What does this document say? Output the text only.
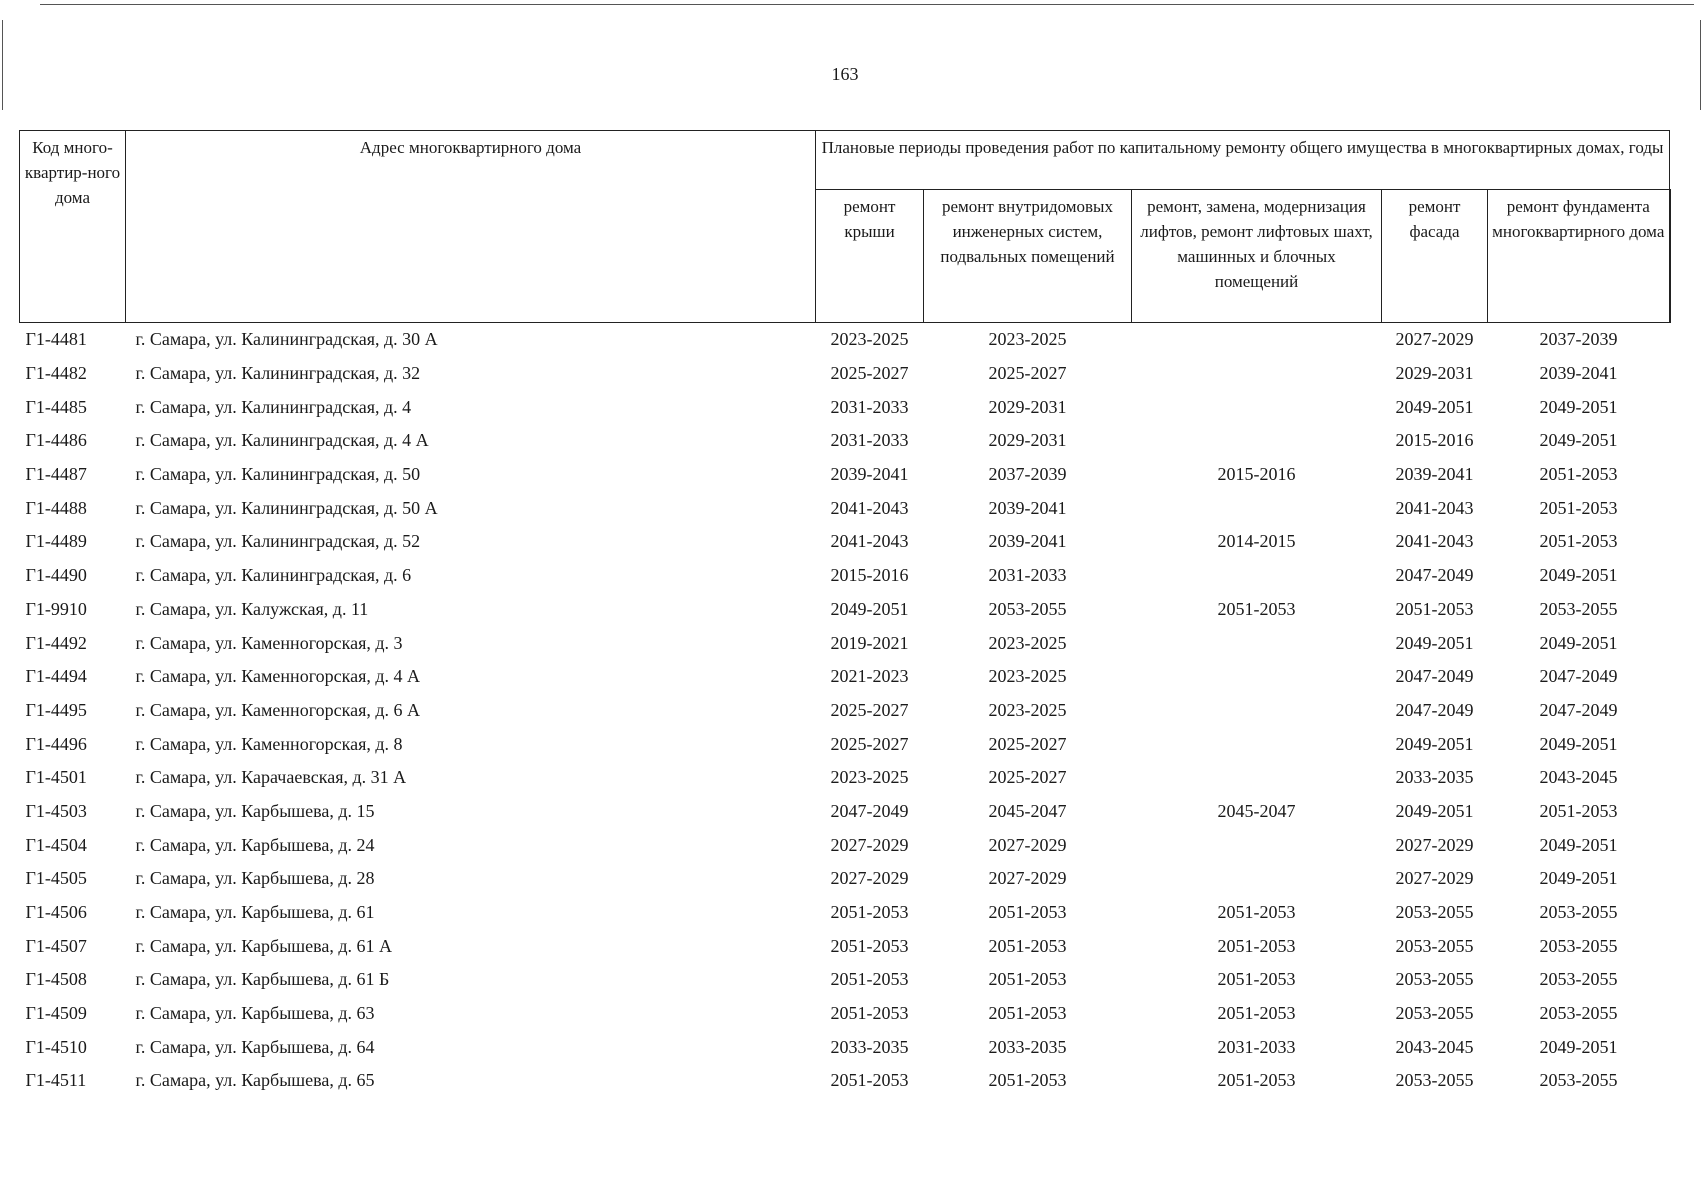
163
Код много-квартир-ного дома	Адрес многоквартирного дома	Плановые периоды проведения работ по капитальному ремонту общего имущества в многоквартирных домах, годы				
		ремонт крыши	ремонт внутридомовых инженерных систем, подвальных помещений	ремонт, замена, модернизация лифтов, ремонт лифтовых шахт, машинных и блочных помещений	ремонт фасада	ремонт фундамента многоквартирного дома
Г1-4481	г. Самара, ул. Калининградская, д. 30 А	2023-2025	2023-2025		2027-2029	2037-2039
Г1-4482	г. Самара, ул. Калининградская, д. 32	2025-2027	2025-2027		2029-2031	2039-2041
Г1-4485	г. Самара, ул. Калининградская, д. 4	2031-2033	2029-2031		2049-2051	2049-2051
Г1-4486	г. Самара, ул. Калининградская, д. 4 А	2031-2033	2029-2031		2015-2016	2049-2051
Г1-4487	г. Самара, ул. Калининградская, д. 50	2039-2041	2037-2039	2015-2016	2039-2041	2051-2053
Г1-4488	г. Самара, ул. Калининградская, д. 50 А	2041-2043	2039-2041		2041-2043	2051-2053
Г1-4489	г. Самара, ул. Калининградская, д. 52	2041-2043	2039-2041	2014-2015	2041-2043	2051-2053
Г1-4490	г. Самара, ул. Калининградская, д. 6	2015-2016	2031-2033		2047-2049	2049-2051
Г1-9910	г. Самара, ул. Калужская, д. 11	2049-2051	2053-2055	2051-2053	2051-2053	2053-2055
Г1-4492	г. Самара, ул. Каменногорская, д. 3	2019-2021	2023-2025		2049-2051	2049-2051
Г1-4494	г. Самара, ул. Каменногорская, д. 4 А	2021-2023	2023-2025		2047-2049	2047-2049
Г1-4495	г. Самара, ул. Каменногорская, д. 6 А	2025-2027	2023-2025		2047-2049	2047-2049
Г1-4496	г. Самара, ул. Каменногорская, д. 8	2025-2027	2025-2027		2049-2051	2049-2051
Г1-4501	г. Самара, ул. Карачаевская, д. 31 А	2023-2025	2025-2027		2033-2035	2043-2045
Г1-4503	г. Самара, ул. Карбышева, д. 15	2047-2049	2045-2047	2045-2047	2049-2051	2051-2053
Г1-4504	г. Самара, ул. Карбышева, д. 24	2027-2029	2027-2029		2027-2029	2049-2051
Г1-4505	г. Самара, ул. Карбышева, д. 28	2027-2029	2027-2029		2027-2029	2049-2051
Г1-4506	г. Самара, ул. Карбышева, д. 61	2051-2053	2051-2053	2051-2053	2053-2055	2053-2055
Г1-4507	г. Самара, ул. Карбышева, д. 61 А	2051-2053	2051-2053	2051-2053	2053-2055	2053-2055
Г1-4508	г. Самара, ул. Карбышева, д. 61 Б	2051-2053	2051-2053	2051-2053	2053-2055	2053-2055
Г1-4509	г. Самара, ул. Карбышева, д. 63	2051-2053	2051-2053	2051-2053	2053-2055	2053-2055
Г1-4510	г. Самара, ул. Карбышева, д. 64	2033-2035	2033-2035	2031-2033	2043-2045	2049-2051
Г1-4511	г. Самара, ул. Карбышева, д. 65	2051-2053	2051-2053	2051-2053	2053-2055	2053-2055
